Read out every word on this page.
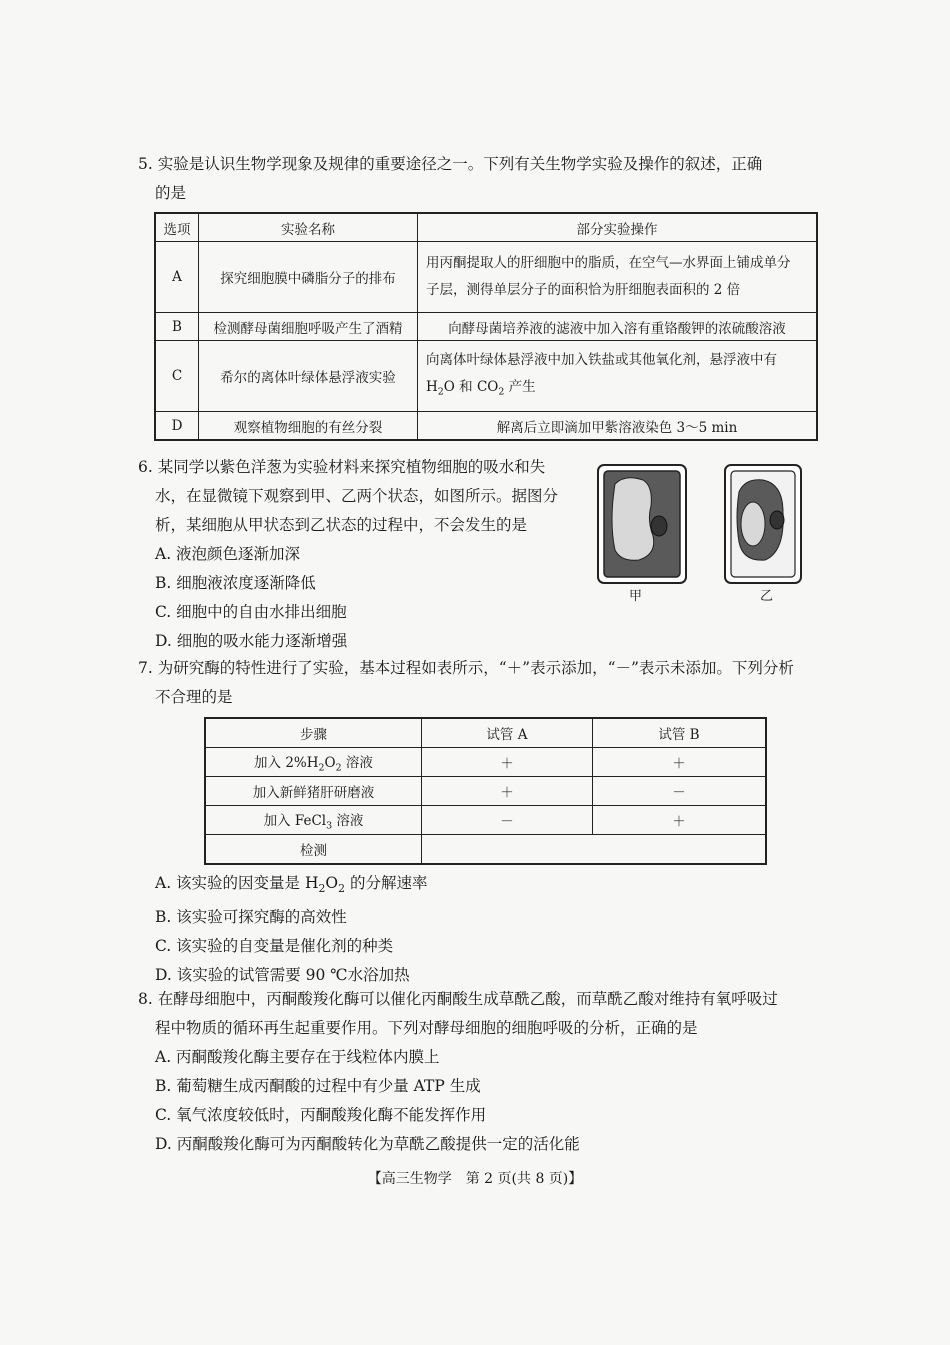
5. 实验是认识生物学现象及规律的重要途径之一。下列有关生物学实验及操作的叙述，正确
的是
选项	实验名称	部分实验操作
A	探究细胞膜中磷脂分子的排布	用丙酮提取人的肝细胞中的脂质，在空气—水界面上铺成单分
子层，测得单层分子的面积恰为肝细胞表面积的 2 倍

B	检测酵母菌细胞呼吸产生了酒精	向酵母菌培养液的滤液中加入溶有重铬酸钾的浓硫酸溶液
C	希尔的离体叶绿体悬浮液实验	向离体叶绿体悬浮液中加入铁盐或其他氧化剂，悬浮液中有
$H_2O$ 和 $CO_2$ 产生

D	观察植物细胞的有丝分裂	解离后立即滴加甲紫溶液染色 3～5 min
6. 某同学以紫色洋葱为实验材料来探究植物细胞的吸水和失
水，在显微镜下观察到甲、乙两个状态，如图所示。据图分
析，某细胞从甲状态到乙状态的过程中，不会发生的是
A. 液泡颜色逐渐加深
B. 细胞液浓度逐渐降低
C. 细胞中的自由水排出细胞
D. 细胞的吸水能力逐渐增强
甲	乙
7. 为研究酶的特性进行了实验，基本过程如表所示，“＋”表示添加，“－”表示未添加。下列分析
不合理的是
步骤	试管 A	试管 B
加入 $2\%H_2O_2$ 溶液	＋	＋
加入新鲜猪肝研磨液	＋	－
加入 FeCl$_3$ 溶液	－	＋
检测		
A. 该实验的因变量是 $H_2O_2$ 的分解速率
B. 该实验可探究酶的高效性
C. 该实验的自变量是催化剂的种类
D. 该实验的试管需要 90 ℃水浴加热
8. 在酵母细胞中，丙酮酸羧化酶可以催化丙酮酸生成草酰乙酸，而草酰乙酸对维持有氧呼吸过
程中物质的循环再生起重要作用。下列对酵母细胞的细胞呼吸的分析，正确的是
A. 丙酮酸羧化酶主要存在于线粒体内膜上
B. 葡萄糖生成丙酮酸的过程中有少量 ATP 生成
C. 氧气浓度较低时，丙酮酸羧化酶不能发挥作用
D. 丙酮酸羧化酶可为丙酮酸转化为草酰乙酸提供一定的活化能
【高三生物学　第 2 页(共 8 页)】
